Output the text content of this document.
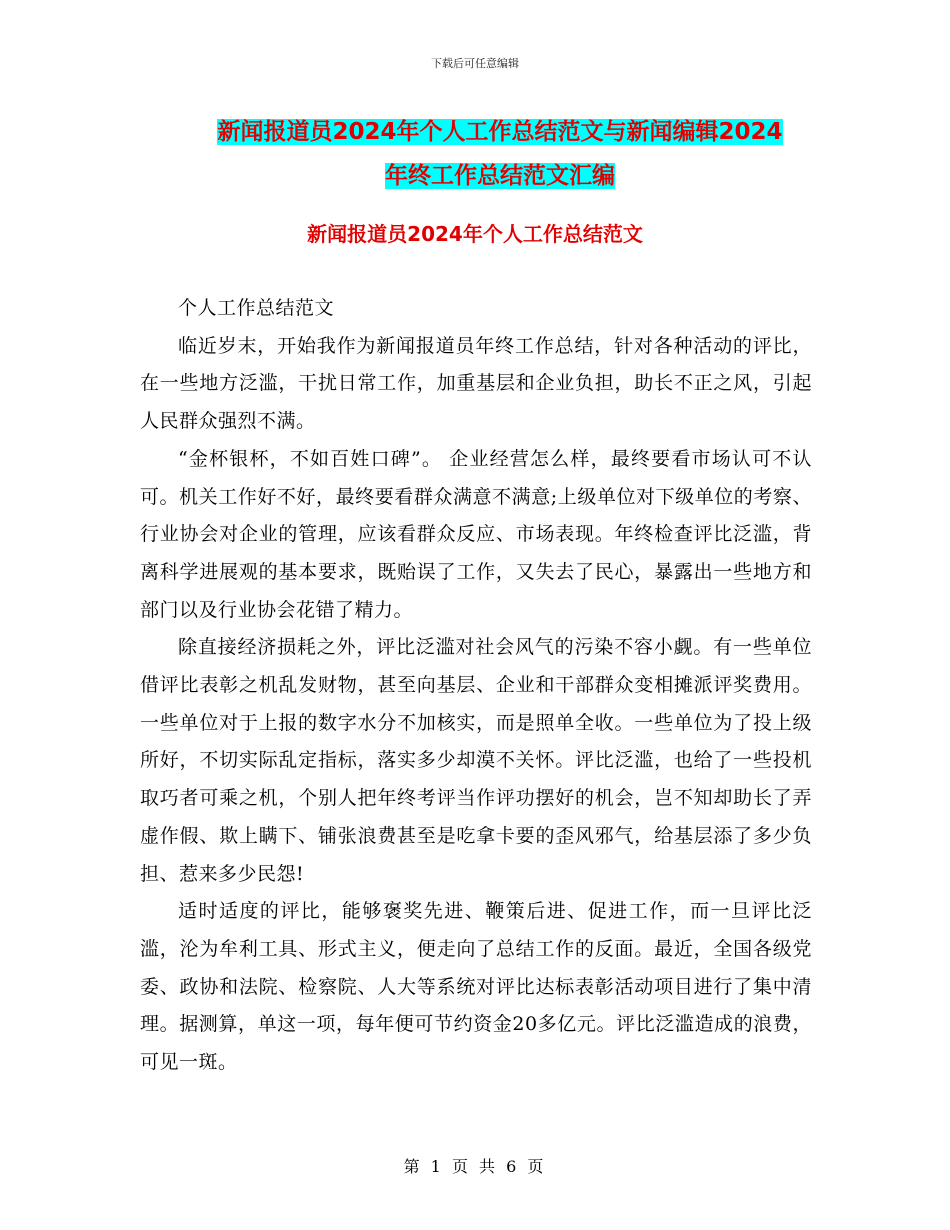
下载后可任意编辑
新闻报道员2024年个人工作总结范文与新闻编辑2024
年终工作总结范文汇编
新闻报道员2024年个人工作总结范文

个人工作总结范文

临近岁末，开始我作为新闻报道员年终工作总结，针对各种活动的评比，在一些地方泛滥，干扰日常工作，加重基层和企业负担，助长不正之风，引起人民群众强烈不满。

“金杯银杯，不如百姓口碑”。 企业经营怎么样，最终要看市场认可不认可。机关工作好不好，最终要看群众满意不满意;上级单位对下级单位的考察、行业协会对企业的管理，应该看群众反应、市场表现。年终检查评比泛滥，背离科学进展观的基本要求，既贻误了工作，又失去了民心，暴露出一些地方和部门以及行业协会花错了精力。

除直接经济损耗之外，评比泛滥对社会风气的污染不容小觑。有一些单位借评比表彰之机乱发财物，甚至向基层、企业和干部群众变相摊派评奖费用。一些单位对于上报的数字水分不加核实，而是照单全收。一些单位为了投上级所好，不切实际乱定指标，落实多少却漠不关怀。评比泛滥，也给了一些投机取巧者可乘之机，个别人把年终考评当作评功摆好的机会，岂不知却助长了弄虚作假、欺上瞒下、铺张浪费甚至是吃拿卡要的歪风邪气，给基层添了多少负担、惹来多少民怨!

适时适度的评比，能够褒奖先进、鞭策后进、促进工作，而一旦评比泛滥，沦为牟利工具、形式主义，便走向了总结工作的反面。最近，全国各级党委、政协和法院、检察院、人大等系统对评比达标表彰活动项目进行了集中清理。据测算，单这一项，每年便可节约资金20多亿元。评比泛滥造成的浪费，可见一斑。

第 1 页 共 6 页
